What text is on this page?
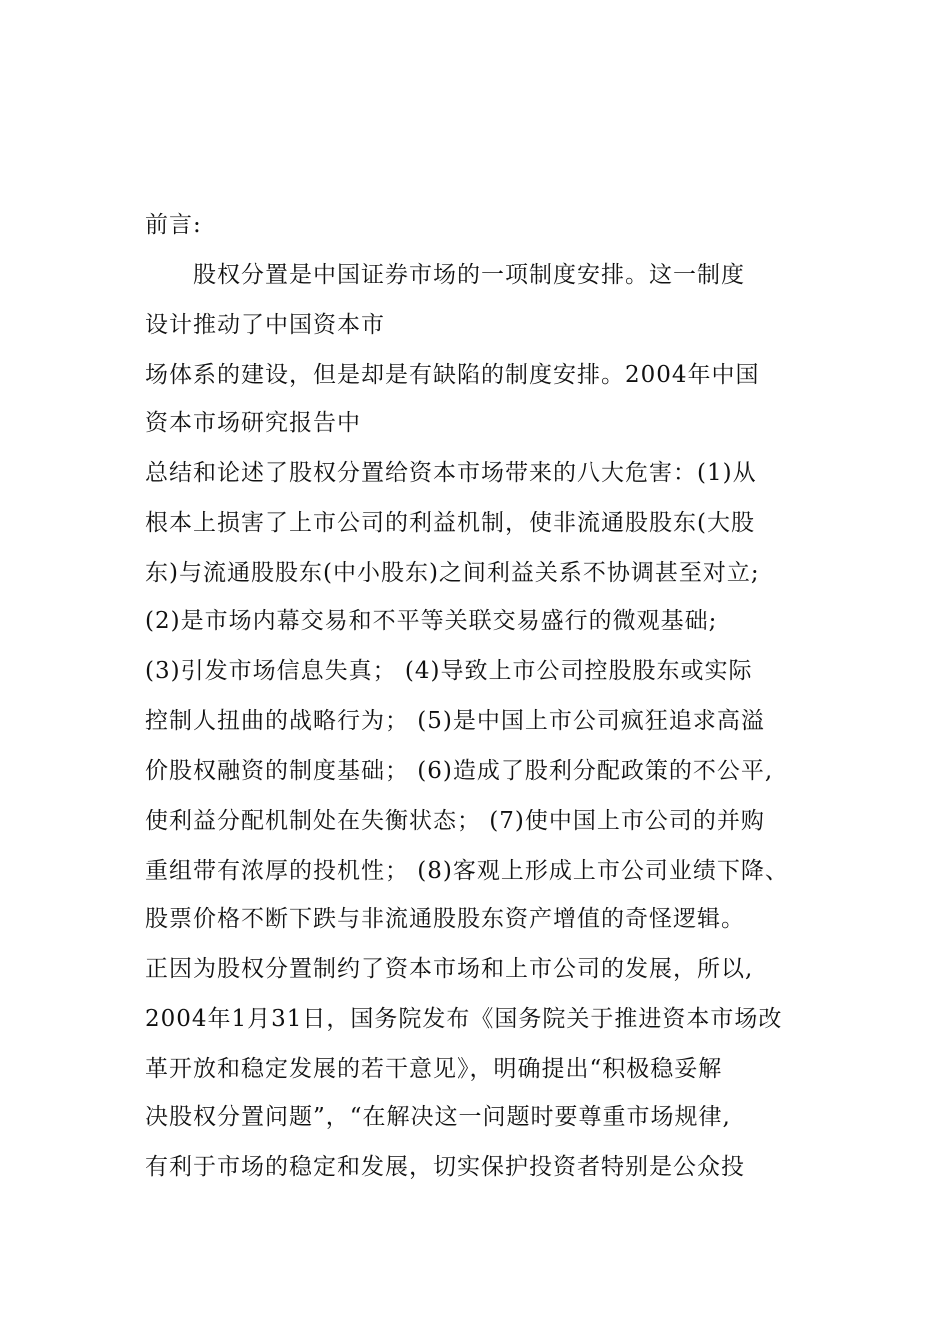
前言:
　　股权分置是中国证券市场的一项制度安排。这一制度
设计推动了中国资本市
场体系的建设，但是却是有缺陷的制度安排。2004年中国
资本市场研究报告中
总结和论述了股权分置给资本市场带来的八大危害：(1)从
根本上损害了上市公司的利益机制，使非流通股股东(大股
东)与流通股股东(中小股东)之间利益关系不协调甚至对立;
(2)是市场内幕交易和不平等关联交易盛行的微观基础;
(3)引发市场信息失真； (4)导致上市公司控股股东或实际
控制人扭曲的战略行为； (5)是中国上市公司疯狂追求高溢
价股权融资的制度基础； (6)造成了股利分配政策的不公平,
使利益分配机制处在失衡状态； (7)使中国上市公司的并购
重组带有浓厚的投机性； (8)客观上形成上市公司业绩下降、
股票价格不断下跌与非流通股股东资产增值的奇怪逻辑。
正因为股权分置制约了资本市场和上市公司的发展，所以,
2004年1月31日，国务院发布《国务院关于推进资本市场改
革开放和稳定发展的若干意见》，明确提出“积极稳妥解
决股权分置问题”，“在解决这一问题时要尊重市场规律,
有利于市场的稳定和发展，切实保护投资者特别是公众投
